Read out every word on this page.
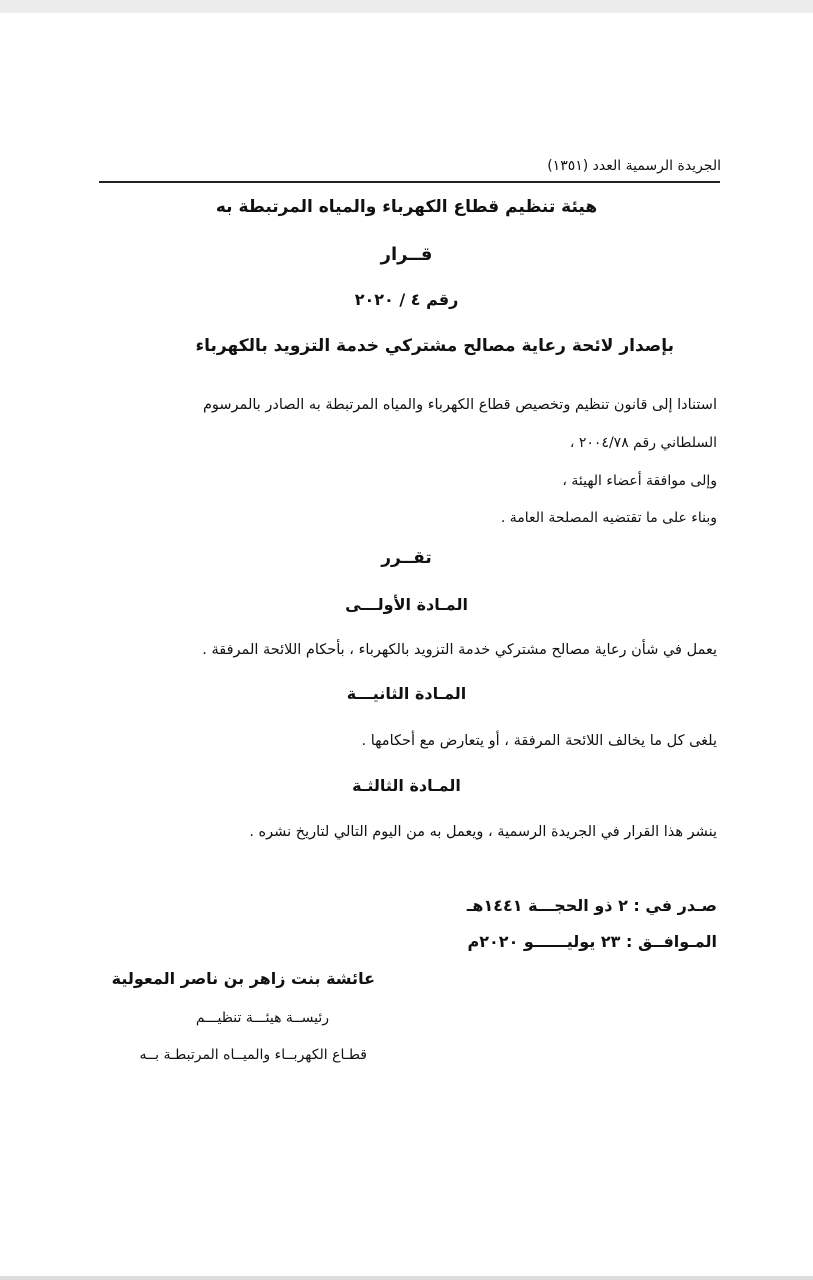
الجريدة الرسمية العدد (١٣٥١)
هيئة تنظيم قطاع الكهرباء والمياه المرتبطة به
قــرار
رقم ٤ / ٢٠٢٠
بإصدار لائحة رعاية مصالح مشتركي خدمة التزويد بالكهرباء
استنادا إلى قانون تنظيم وتخصيص قطاع الكهرباء والمياه المرتبطة به الصادر بالمرسوم
السلطاني رقم ٢٠٠٤/٧٨ ،
وإلى موافقة أعضاء الهيئة ،
وبناء على ما تقتضيه المصلحة العامة .
تقــرر
المـادة الأولـــى
يعمل في شأن رعاية مصالح مشتركي خدمة التزويد بالكهرباء ، بأحكام اللائحة المرفقة .
المـادة الثانيـــة
يلغى كل ما يخالف اللائحة المرفقة ، أو يتعارض مع أحكامها .
المـادة الثالثـة
ينشر هذا القرار في الجريدة الرسمية ، ويعمل به من اليوم التالي لتاريخ نشره .
صـدر في : ٢ ذو الحجـــة ١٤٤١هـ
المـوافــق : ٢٣ يوليــــــو ٢٠٢٠م
عائشة بنت زاهر بن ناصر المعولية
رئيســة هيئـــة تنظيـــم
قطـاع الكهربــاء والميــاه المرتبطـة بــه
